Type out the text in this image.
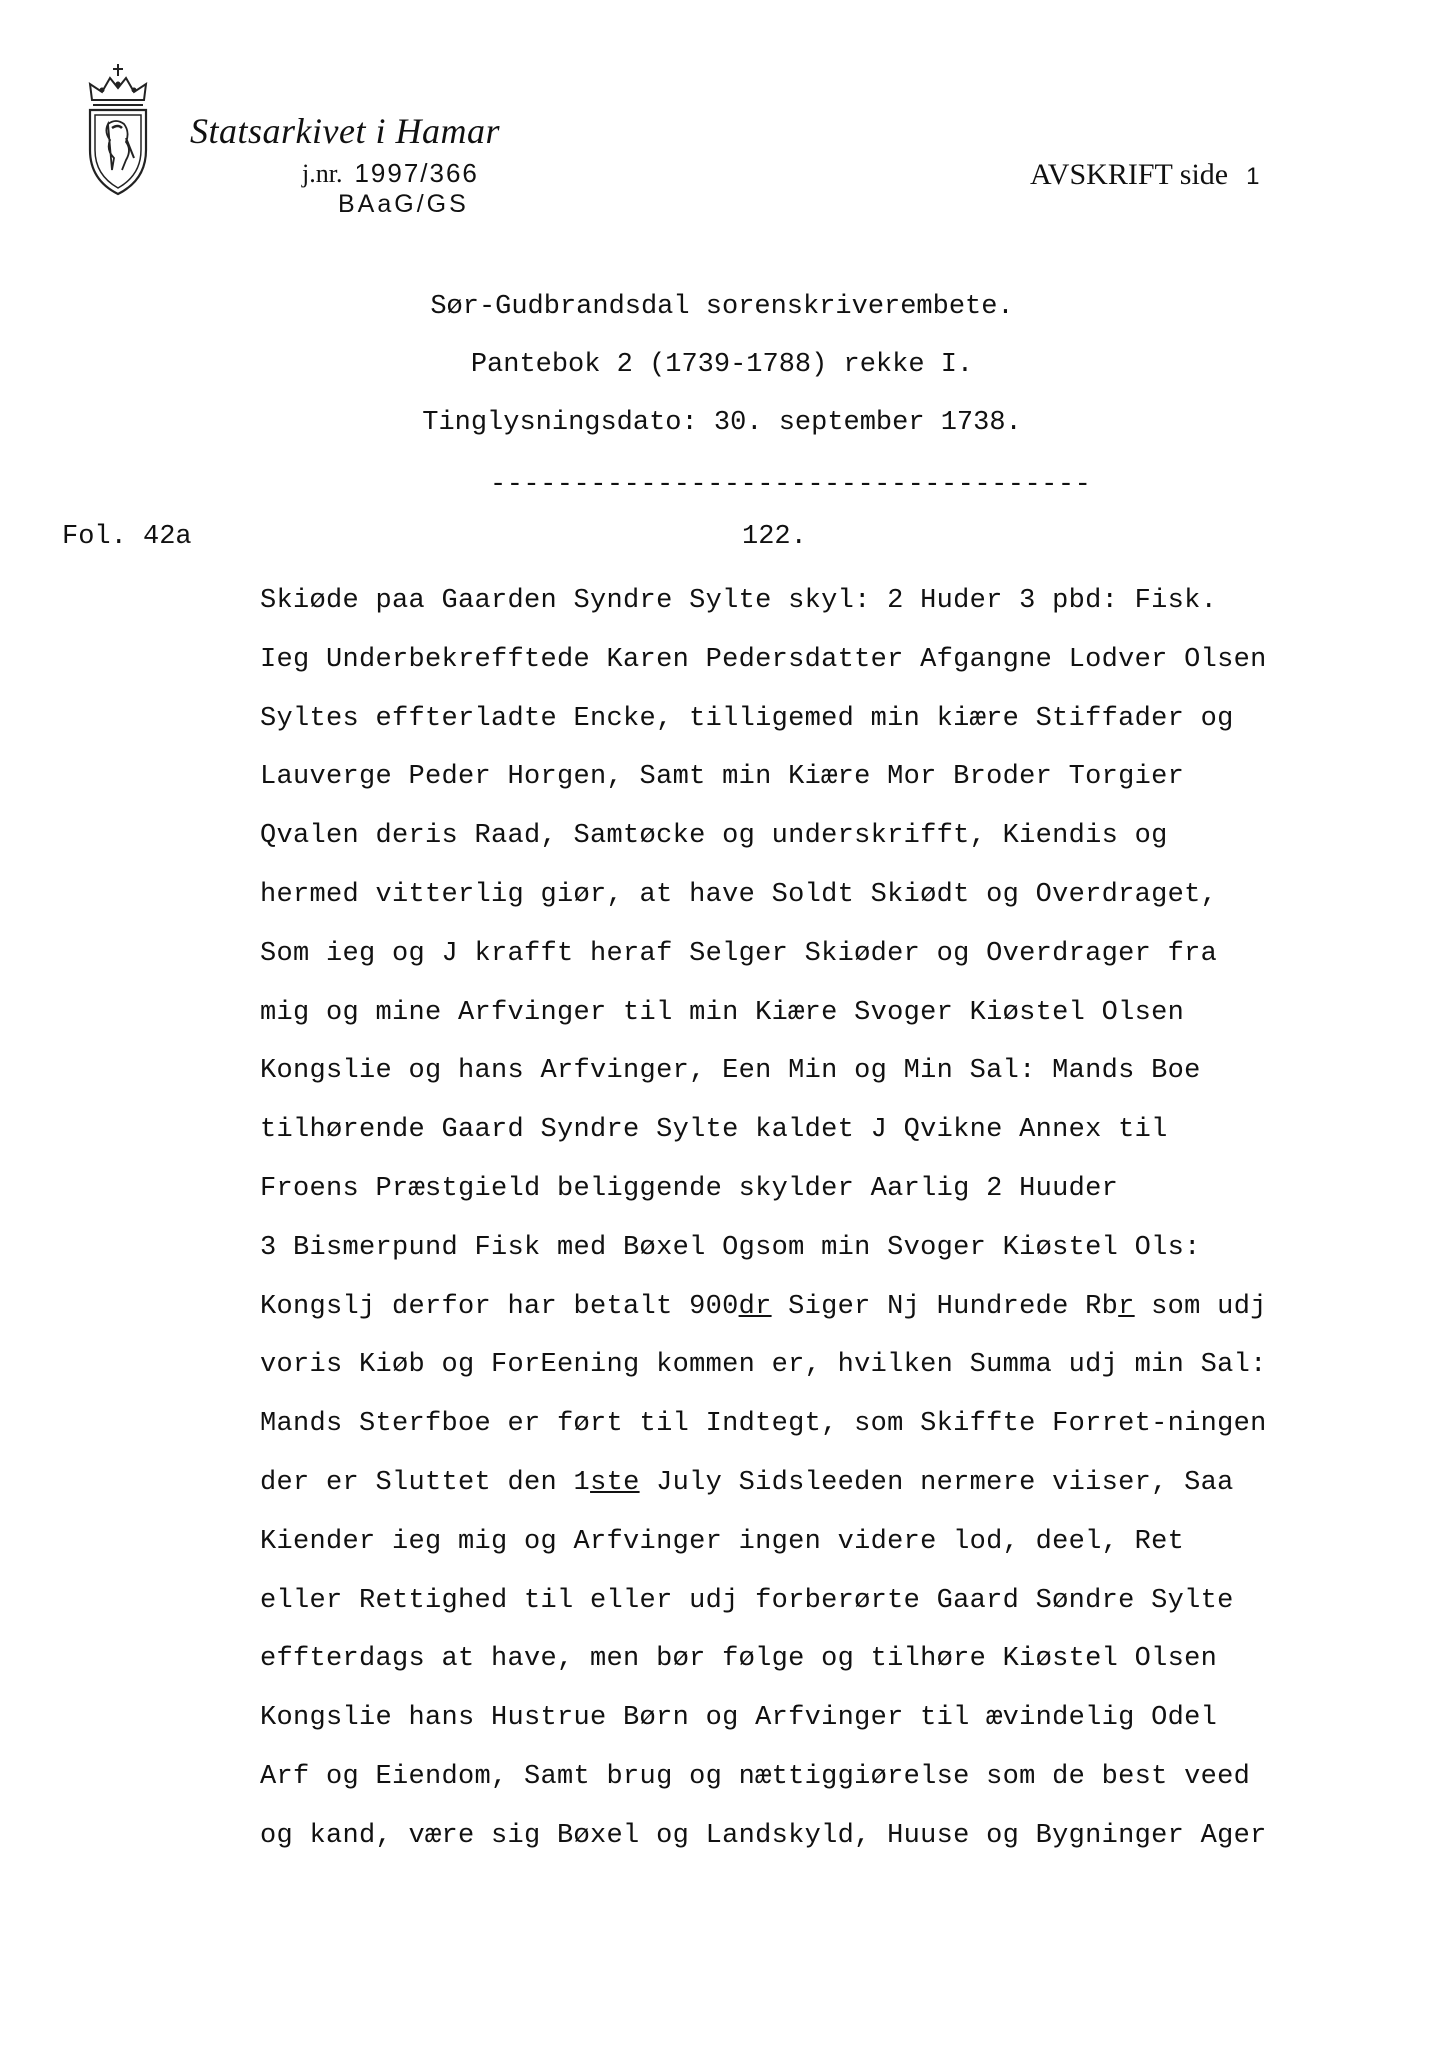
Statsarkivet i Hamar
j.nr. 1997/366
BAaG/GS
AVSKRIFT side 1
Sør-Gudbrandsdal sorenskriverembete.
Pantebok 2 (1739-1788) rekke I.
Tinglysningsdato: 30. september 1738.
------------------------------------
Fol. 42a	122.
Skiøde paa Gaarden Syndre Sylte skyl: 2 Huder 3 pbd: Fisk.
Ieg Underbekrefftede Karen Pedersdatter Afgangne Lodver Olsen
Syltes effterladte Encke, tilligemed min kiære Stiffader og
Lauverge Peder Horgen, Samt min Kiære Mor Broder Torgier
Qvalen deris Raad, Samtøcke og underskrifft, Kiendis og
hermed vitterlig giør, at have Soldt Skiødt og Overdraget,
Som ieg og J krafft heraf Selger Skiøder og Overdrager fra
mig og mine Arfvinger til min Kiære Svoger Kiøstel Olsen
Kongslie og hans Arfvinger, Een Min og Min Sal: Mands Boe
tilhørende Gaard Syndre Sylte kaldet J Qvikne Annex til
Froens Præstgield beliggende skylder Aarlig 2 Huuder
3 Bismerpund Fisk med Bøxel Ogsom min Svoger Kiøstel Ols:
Kongslj derfor har betalt 900dr Siger Nj Hundrede Rbr som udj
voris Kiøb og ForEening kommen er, hvilken Summa udj min Sal:
Mands Sterfboe er ført til Indtegt, som Skiffte Forret-ningen
der er Sluttet den 1ste July Sidsleeden nermere viiser, Saa
Kiender ieg mig og Arfvinger ingen videre lod, deel, Ret
eller Rettighed til eller udj forberørte Gaard Søndre Sylte
effterdags at have, men bør følge og tilhøre Kiøstel Olsen
Kongslie hans Hustrue Børn og Arfvinger til ævindelig Odel
Arf og Eiendom, Samt brug og nættiggiørelse som de best veed
og kand, være sig Bøxel og Landskyld, Huuse og Bygninger Ager
